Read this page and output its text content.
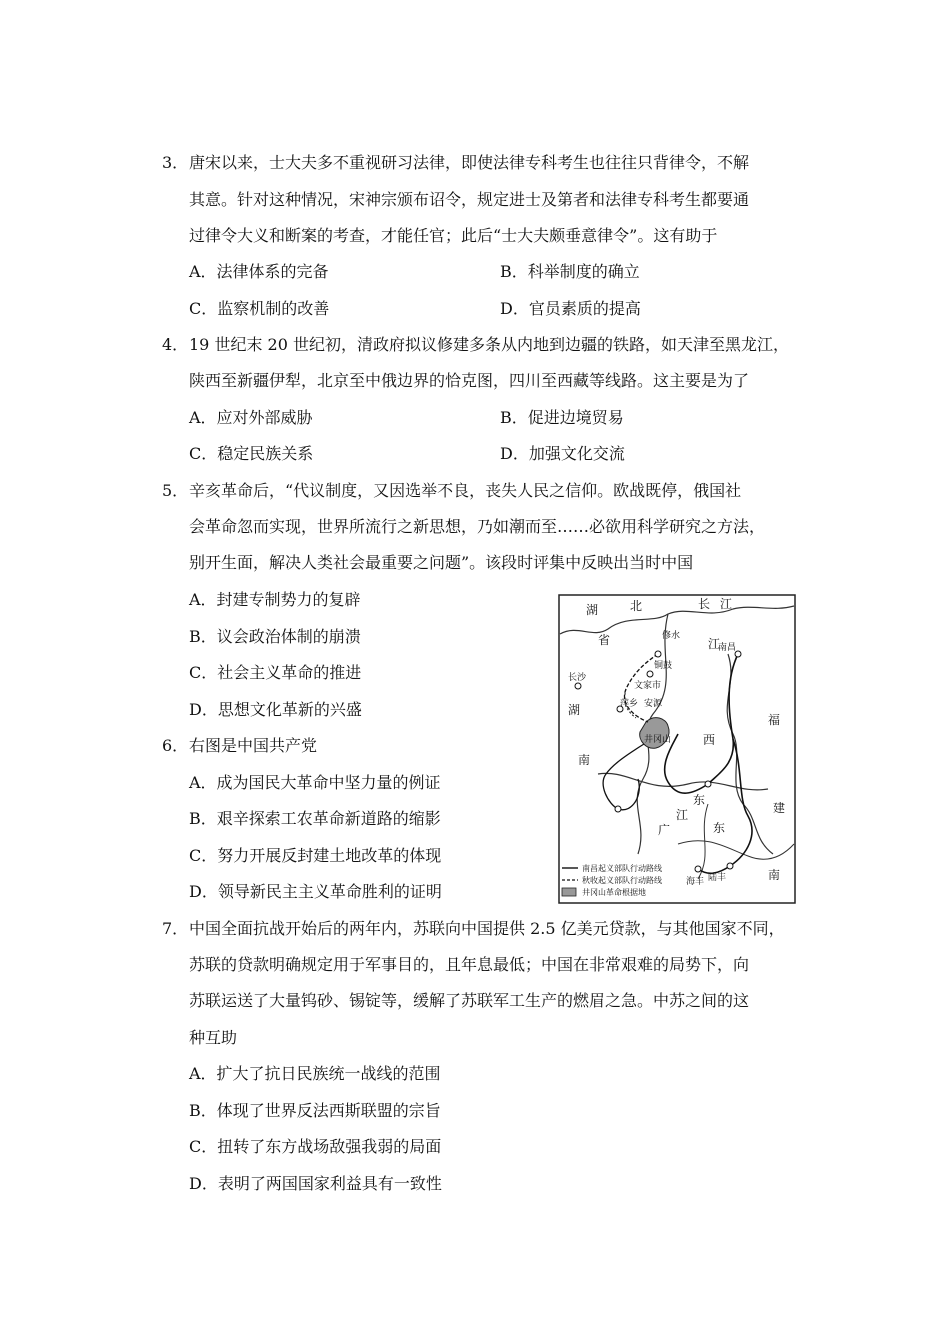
3． 唐宋以来，士大夫多不重视研习法律，即使法律专科考生也往往只背律令，不解
其意。针对这种情况，宋神宗颁布诏令，规定进士及第者和法律专科考生都要通
过律令大义和断案的考查，才能任官；此后“士大夫颇垂意律令”。这有助于
A．法律体系的完备	B．科举制度的确立
C．监察机制的改善	D．官员素质的提高
4． 19 世纪末 20 世纪初，清政府拟议修建多条从内地到边疆的铁路，如天津至黑龙江，
陕西至新疆伊犁，北京至中俄边界的恰克图，四川至西藏等线路。这主要是为了
A．应对外部威胁	B．促进边境贸易
C．稳定民族关系	D．加强文化交流
5． 辛亥革命后，“代议制度，又因选举不良，丧失人民之信仰。欧战既停，俄国社
会革命忽而实现，世界所流行之新思想，乃如潮而至……必欲用科学研究之方法，
别开生面，解决人类社会最重要之问题”。该段时评集中反映出当时中国
A．封建专制势力的复辟
B．议会政治体制的崩溃
C．社会主义革命的推进
D．思想文化革新的兴盛
6． 右图是中国共产党
A．成为国民大革命中坚力量的例证
B．艰辛探索工农革命新道路的缩影
C．努力开展反封建土地改革的体现
D．领导新民主主义革命胜利的证明
湖	北	长 江
省
湖
南
江
西
福
建
广	东
东
江
南
修水
铜鼓
南昌
长沙
文家市
萍乡 安源
井冈山
海丰 陆丰
南昌起义部队行动路线
秋收起义部队行动路线
井冈山革命根据地
7． 中国全面抗战开始后的两年内，苏联向中国提供 2.5 亿美元贷款，与其他国家不同，
苏联的贷款明确规定用于军事目的，且年息最低；中国在非常艰难的局势下，向
苏联运送了大量钨砂、锡锭等，缓解了苏联军工生产的燃眉之急。中苏之间的这
种互助
A．扩大了抗日民族统一战线的范围
B．体现了世界反法西斯联盟的宗旨
C．扭转了东方战场敌强我弱的局面
D．表明了两国国家利益具有一致性
